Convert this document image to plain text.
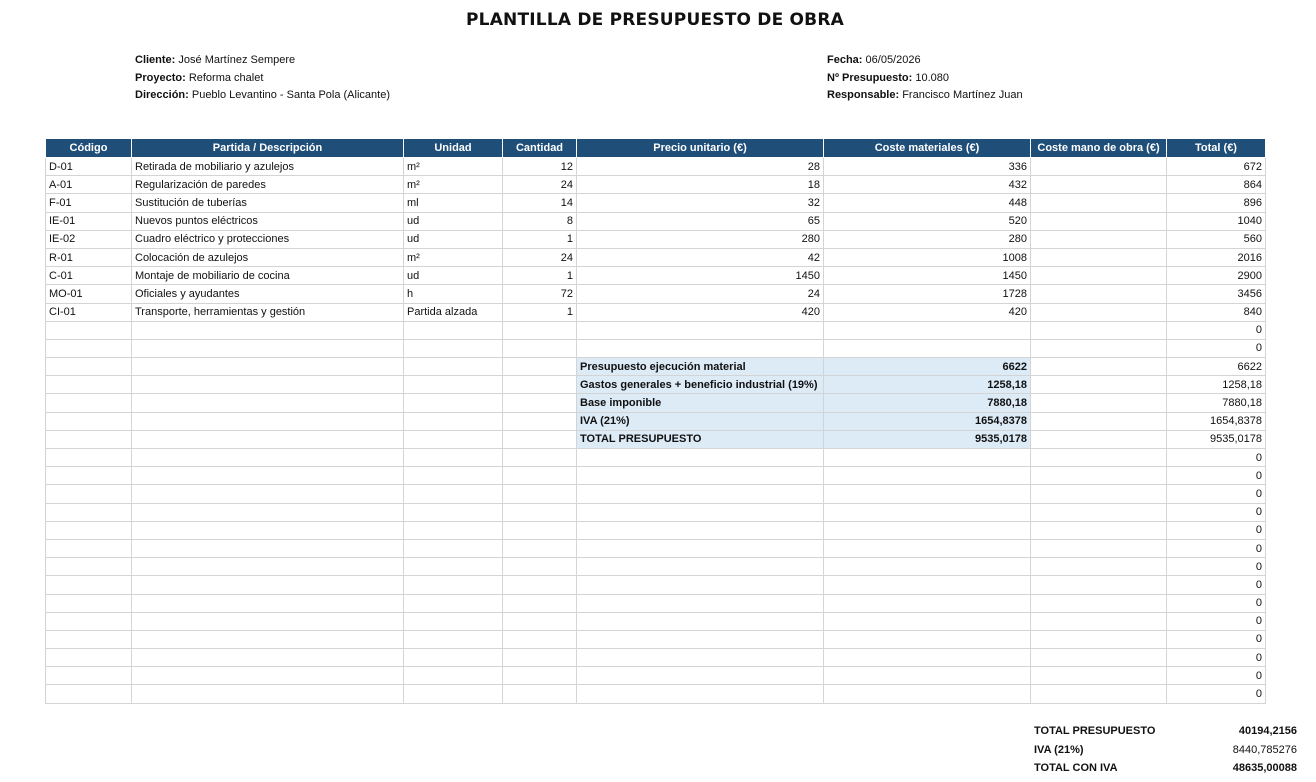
PLANTILLA DE PRESUPUESTO DE OBRA
Cliente: José Martínez Sempere
Proyecto: Reforma chalet
Dirección: Pueblo Levantino - Santa Pola (Alicante)
Fecha: 06/05/2026
Nº Presupuesto: 10.080
Responsable: Francisco Martínez Juan
Código	Partida / Descripción	Unidad	Cantidad	Precio unitario (€)	Coste materiales (€)	Coste mano de obra (€)	Total (€)
D-01	Retirada de mobiliario y azulejos	m²	12	28	336		672
A-01	Regularización de paredes	m²	24	18	432		864
F-01	Sustitución de tuberías	ml	14	32	448		896
IE-01	Nuevos puntos eléctricos	ud	8	65	520		1040
IE-02	Cuadro eléctrico y protecciones	ud	1	280	280		560
R-01	Colocación de azulejos	m²	24	42	1008		2016
C-01	Montaje de mobiliario de cocina	ud	1	1450	1450		2900
MO-01	Oficiales y ayudantes	h	72	24	1728		3456
CI-01	Transporte, herramientas y gestión	Partida alzada	1	420	420		840
							0
							0
				Presupuesto ejecución material	6622		6622
				Gastos generales + beneficio industrial (19%)	1258,18		1258,18
				Base imponible	7880,18		7880,18
				IVA (21%)	1654,8378		1654,8378
				TOTAL PRESUPUESTO	9535,0178		9535,0178
							0
							0
							0
							0
							0
							0
							0
							0
							0
							0
							0
							0
							0
							0
TOTAL PRESUPUESTO	40194,2156
IVA (21%)	8440,785276
TOTAL CON IVA	48635,00088
